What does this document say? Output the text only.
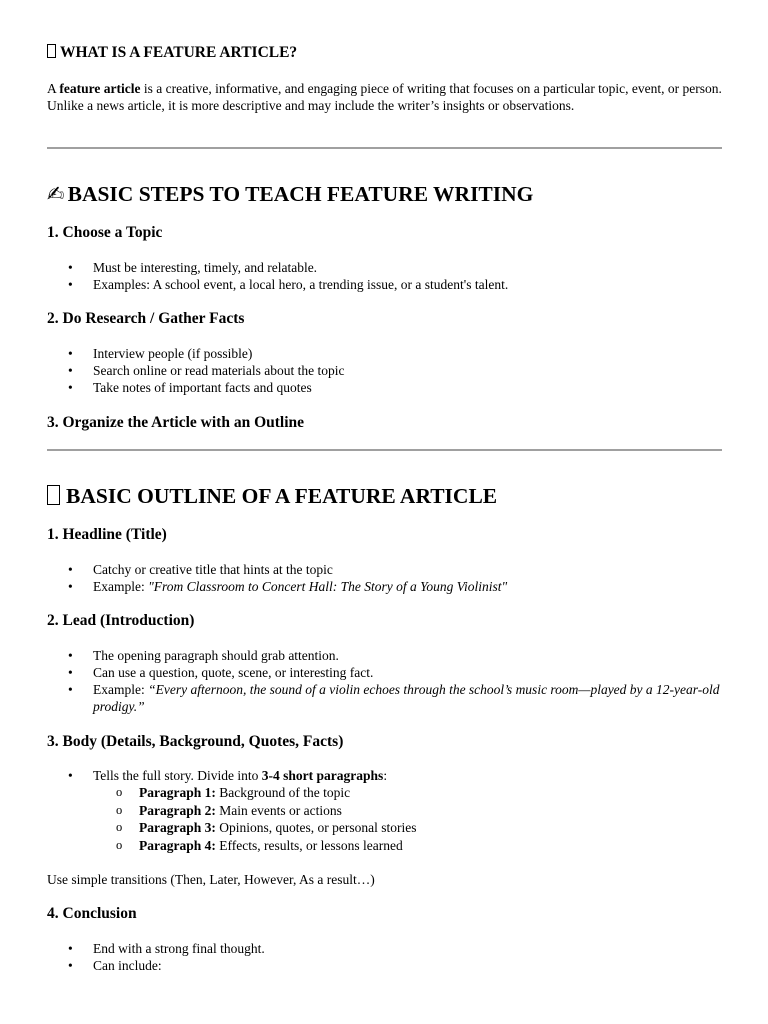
WHAT IS A FEATURE ARTICLE?
A feature article is a creative, informative, and engaging piece of writing that focuses on a particular topic, event, or person. Unlike a news article, it is more descriptive and may include the writer’s insights or observations.
✍ BASIC STEPS TO TEACH FEATURE WRITING
1. Choose a Topic
• Must be interesting, timely, and relatable.
• Examples: A school event, a local hero, a trending issue, or a student's talent.
2. Do Research / Gather Facts
• Interview people (if possible)
• Search online or read materials about the topic
• Take notes of important facts and quotes
3. Organize the Article with an Outline
BASIC OUTLINE OF A FEATURE ARTICLE
1. Headline (Title)
• Catchy or creative title that hints at the topic
• Example: "From Classroom to Concert Hall: The Story of a Young Violinist"
2. Lead (Introduction)
• The opening paragraph should grab attention.
• Can use a question, quote, scene, or interesting fact.
• Example: “Every afternoon, the sound of a violin echoes through the school’s music room—played by a 12-year-old prodigy.”
3. Body (Details, Background, Quotes, Facts)
• Tells the full story. Divide into 3-4 short paragraphs:
o Paragraph 1: Background of the topic
o Paragraph 2: Main events or actions
o Paragraph 3: Opinions, quotes, or personal stories
o Paragraph 4: Effects, results, or lessons learned
Use simple transitions (Then, Later, However, As a result…)
4. Conclusion
• End with a strong final thought.
• Can include:
